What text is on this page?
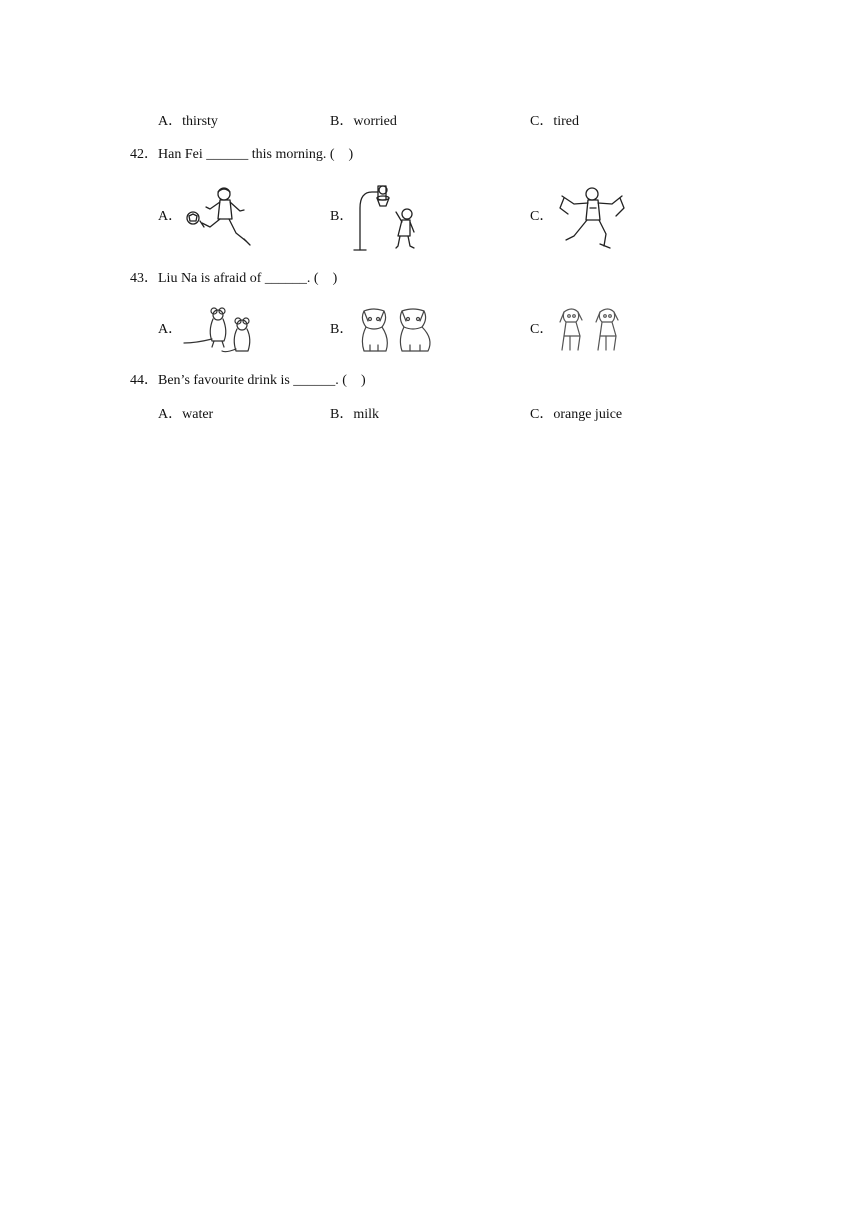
A．thirsty	B．worried	C．tired
42．Han Fei ______ this morning. (    )
A．	B．	C．
43．Liu Na is afraid of ______. (    )
A．	B．	C．
44．Ben’s favourite drink is ______. (    )
A．water	B．milk	C．orange juice
